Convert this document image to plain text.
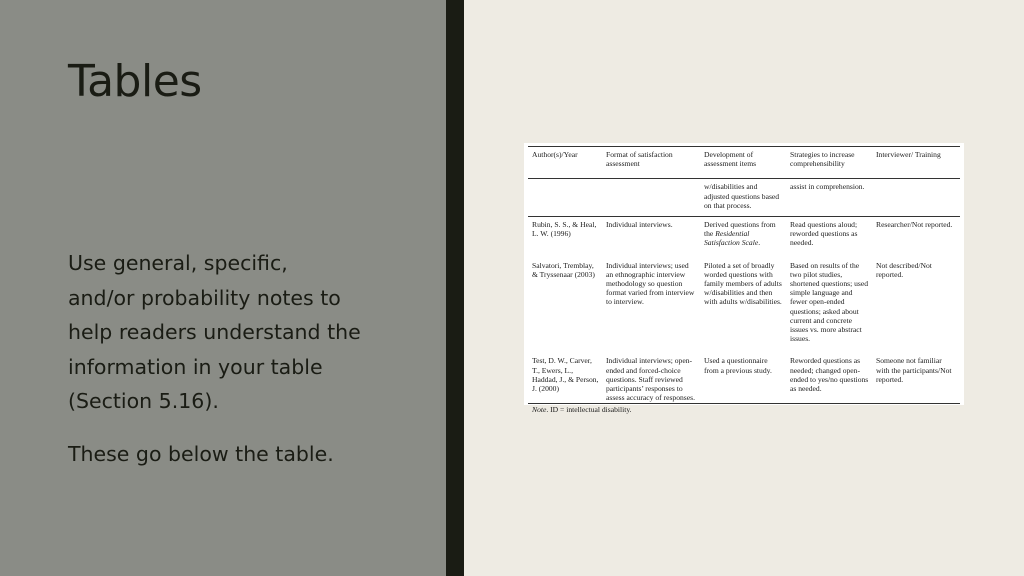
Tables

Use general, specific,
and/or probability notes to
help readers understand the
information in your table
(Section 5.16).

These go below the table.

Author(s)/Year	Format of satisfaction assessment	Development of assessment items	Strategies to increase comprehensibility	Interviewer/ Training
		w/disabilities and adjusted questions based on that process.	assist in comprehension.	
Rubin, S. S., & Heal, L. W. (1996)	Individual interviews.	Derived questions from the Residential Satisfaction Scale.	Read questions aloud; reworded questions as needed.	Researcher/Not reported.
Salvatori, Tremblay, & Tryssenaar (2003)	Individual interviews; used an ethnographic interview methodology so question format varied from interview to interview.	Piloted a set of broadly worded questions with family members of adults w/disabilities and then with adults w/disabilities.	Based on results of the two pilot studies, shortened questions; used simple language and fewer open-ended questions; asked about current and concrete issues vs. more abstract issues.	Not described/Not reported.
Test, D. W., Carver, T., Ewers, L., Haddad, J., & Person, J. (2000)	Individual interviews; open-ended and forced-choice questions. Staff reviewed participants’ responses to assess accuracy of responses.	Used a questionnaire from a previous study.	Reworded questions as needed; changed open-ended to yes/no questions as needed.	Someone not familiar with the participants/Not reported.
Note. ID = intellectual disability.				
